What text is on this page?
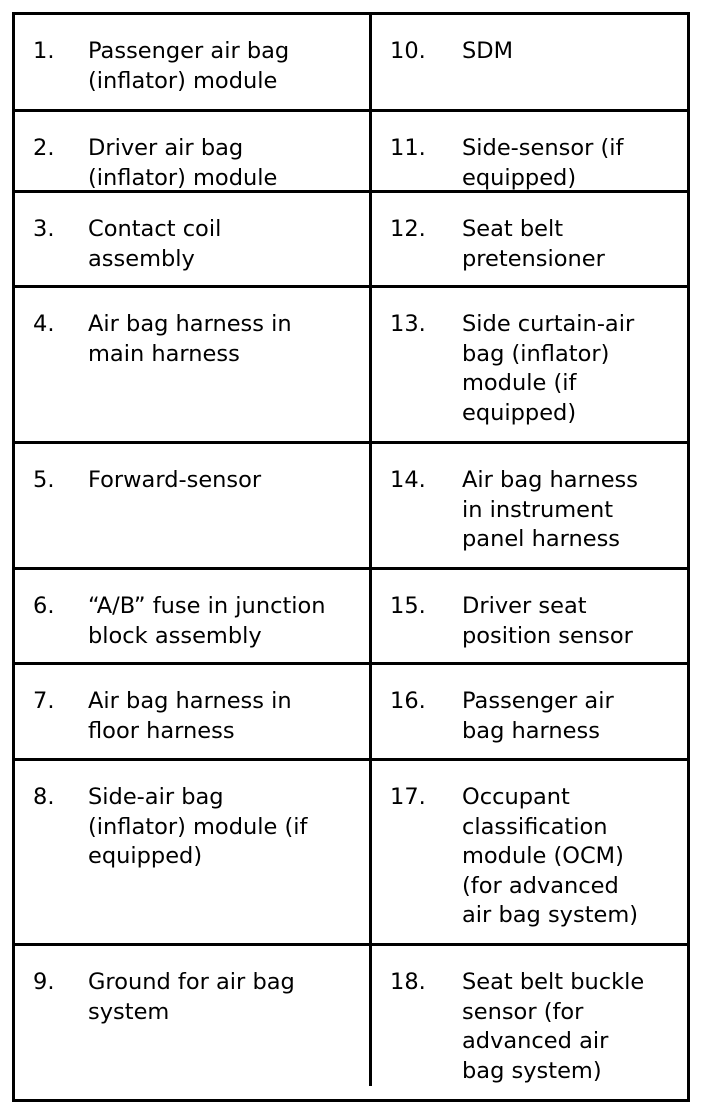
1. Passenger air bag
(inflator) module
10. SDM
2. Driver air bag
(inflator) module
11. Side-sensor (if
equipped)
3. Contact coil
assembly
12. Seat belt
pretensioner
4. Air bag harness in
main harness
13. Side curtain-air
bag (inflator)
module (if
equipped)
5. Forward-sensor	14. Air bag harness
in instrument
panel harness
6. “A/B” fuse in junction
block assembly
15. Driver seat
position sensor
7. Air bag harness in
floor harness
16. Passenger air
bag harness
8. Side-air bag
(inflator) module (if
equipped)
17. Occupant
classification
module (OCM)
(for advanced
air bag system)
9. Ground for air bag
system
18. Seat belt buckle
sensor (for
advanced air
bag system)
